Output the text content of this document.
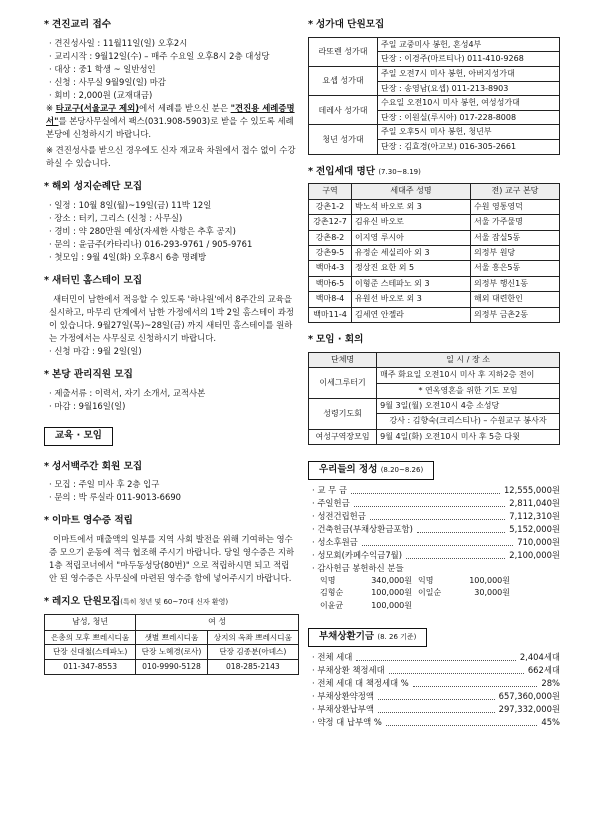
* 견진교리 접수
· 견진성사일 : 11월11일(일) 오후2시
· 교리시작 : 9월12일(수) – 매주 수요일 오후8시 2층 대성당
· 대상 : 중1 학생 ~ 일반성인
· 신청 : 사무실 9월9일(일) 마감
· 회비 : 2,000원 (교재대금)
※ 타교구(서울교구 제외)에서 세례를 받으신 분은 "견진용 세례증명서"를 본당사무실에서 팩스(031.908-5903)로 받을 수 있도록 세례본당에 신청하시기 바랍니다.
※ 견진성사를 받으신 경우에도 신자 재교육 차원에서 접수 없이 수강하실 수 있습니다.
* 해외 성지순례단 모집
· 일정 : 10월 8일(월)~19일(금) 11박 12일
· 장소 : 터키, 그리스 (신청 : 사무실)
· 경비 : 약 280만원 예상(자세한 사항은 추후 공지)
· 문의 : 윤금주(카타리나) 016-293-9761 / 905-9761
· 첫모임 : 9월 4일(화) 오후8시 6층 명례방
* 새터민 홈스테이 모집
새터민이 남한에서 적응할 수 있도록 '하나원'에서 8주간의 교육을 실시하고, 마무리 단계에서 남한 가정에서의 1박 2일 홈스테이 과정이 있습니다. 9월27일(목)~28일(금) 까지 새터민 홈스테이를 원하는 가정에서는 사무실로 신청하시기 바랍니다.
· 신청 마감 : 9월 2일(일)
* 본당 관리직원 모집
· 제출서류 : 이력서, 자기 소개서, 교적사본
· 마감 : 9월16일(일)
교육 · 모임
* 성서백주간 회원 모집
· 모집 : 주일 미사 후 2층 입구
· 문의 : 박 루실라 011-9013-6690
* 이마트 영수증 적립
이마트에서 매출액의 일부를 지역 사회 발전을 위해 기여하는 영수증 모으기 운동에 적극 협조해 주시기 바랍니다. 당일 영수증은 지하1층 적립코너에서 "마두동성당(80번)" 으로 적립하시면 되고 적립 안 된 영수증은 사무실에 마련된 영수증 함에 넣어주시기 바랍니다.
* 레지오 단원모집(특히 청년 및 60~70대 신자 환영)
남성, 청년	여 성	
은총의 모후 쁘레시디움	샛별 쁘레시디움	상지의 옥좌 쁘레시디움
단장 신대철(스테파노)	단장 노혜경(로사)	단장 김종분(아녜스)
011-347-8553	010-9990-5128	018-285-2143
* 성가대 단원모집
라또렌 성가대	주일 교중미사 봉헌, 혼성4부
	단장 : 이경주(마르티나) 011-410-9268
요셉 성가대	주일 오전7시 미사 봉헌, 아버지성가대
	단장 : 송영남(요셉) 011-213-8903
데레사 성가대	수요일 오전10시 미사 봉헌, 여성성가대
	단장 : 이원실(루시아) 017-228-8008
청년 성가대	주일 오후5시 미사 봉헌, 청년부
	단장 : 김효경(아고보) 016-305-2661
* 전입세대 명단 (7.30~8.19)
구역	세대주 성명	전) 교구 본당
강촌1-2	박노석 바오로 외 3	수원 영통영덕
강촌12-7	김유신 바오로	서울 가주물명
강촌8-2	이지영 루시아	서울 잠실5동
강촌9-5	유정순 세실리아 외 3	의정부 원당
백마4-3	정상진 요한 외 5	서울 흥은5동
백마6-5	이형준 스테파노 외 3	의정부 행신1동
백마8-4	유원선 바오로 외 3	해외 대련한인
백마11-4	김세연 안젤라	의정부 금촌2동
* 모임 · 회의
단체명	일 시 / 장 소
이세그루터기	매주 화요일 오전10시 미사 후 지하2층 전이
	* 연옥영혼을 위한 기도 모임
성령기도회	9월 3일(월) 오전10시 4층 소성당
	강사 : 김향숙(크리스티나) – 수원교구 봉사자
여성구역장모임	9월 4일(화) 오전10시 미사 후 5층 다윗
우리들의 정성 (8.20~8.26)
· 교 무 금	12,555,000원
· 주일헌금	2,811,040원
· 성전건립헌금	7,112,310원
· 건축헌금(부채상환금포함)	5,152,000원
· 성소후원금	710,000원
· 성모회(카페수익금7월)	2,100,000원
· 감사헌금 봉헌하신 분들
익명	340,000원 익명	100,000원
김형순	100,000원 이일순	30,000원
이윤균	100,000원
부채상환기금 (8. 26 기준)
· 전체 세대	2,404세대
· 부채상환 책정세대	662세대
· 전체 세대 대 책정세대 %	28%
· 부채상환약정액	657,360,000원
· 부채상환납부액	297,332,000원
· 약정 대 납부액 %	45%
